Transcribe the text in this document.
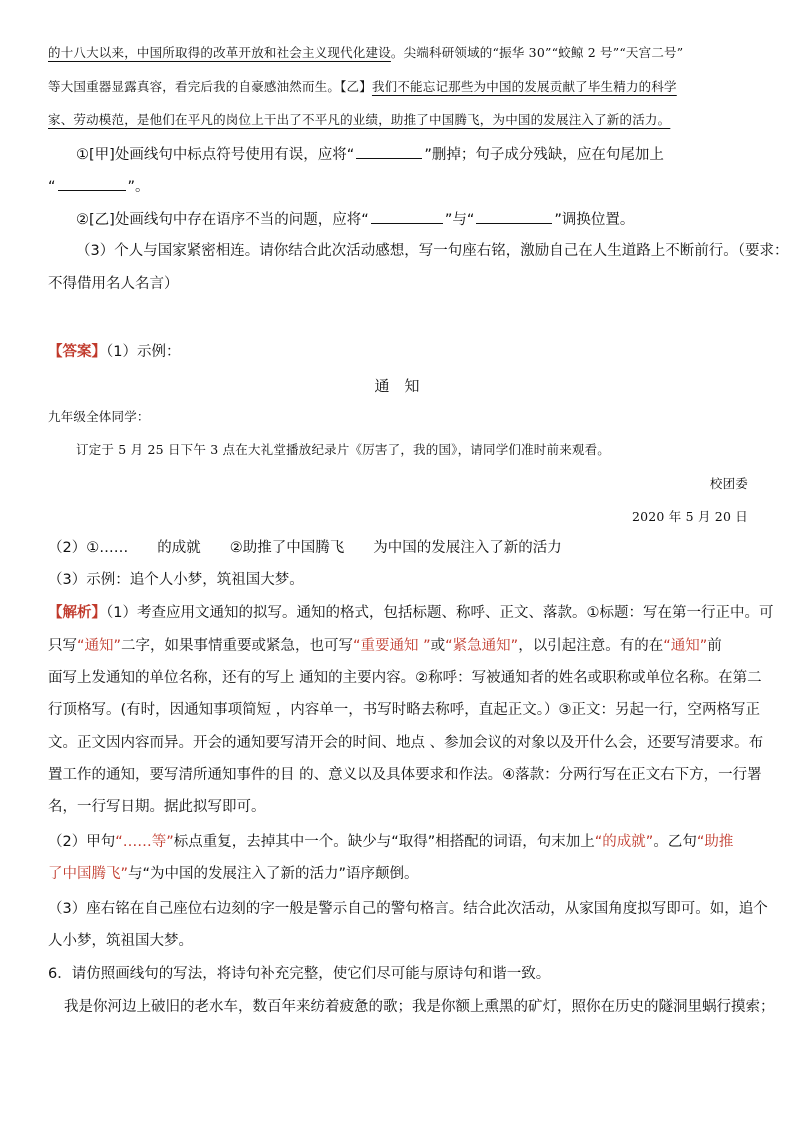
的十八大以来，中国所取得的改革开放和社会主义现代化建设。尖端科研领域的“振华 30”“蛟鲸 2 号”“天宫二号”
等大国重器显露真容，看完后我的自豪感油然而生。【乙】我们不能忘记那些为中国的发展贡献了毕生精力的科学
家、劳动模范，是他们在平凡的岗位上干出了不平凡的业绩，助推了中国腾飞，为中国的发展注入了新的活力。
①[甲]处画线句中标点符号使用有误，应将“	”删掉；句子成分残缺，应在句尾加上
“	”。
②[乙]处画线句中存在语序不当的问题，应将“	”与“	”调换位置。
（3）个人与国家紧密相连。请你结合此次活动感想，写一句座右铭，激励自己在人生道路上不断前行。（要求：
不得借用名人名言）
【答案】（1）示例：
通　知
九年级全体同学：
订定于 5 月 25 日下午 3 点在大礼堂播放纪录片《厉害了，我的国》，请同学们准时前来观看。
校团委
2020 年 5 月 20 日
（2）①……　　的成就　　②助推了中国腾飞　　为中国的发展注入了新的活力
（3）示例：追个人小梦，筑祖国大梦。
【解析】（1）考查应用文通知的拟写。通知的格式，包括标题、称呼、正文、落款。①标题：写在第一行正中。可
只写“通知”二字，如果事情重要或紧急，也可写“重要通知 ”或“紧急通知”，以引起注意。有的在“通知”前
面写上发通知的单位名称，还有的写上 通知的主要内容。②称呼：写被通知者的姓名或职称或单位名称。在第二
行顶格写。(有时，因通知事项简短 ，内容单一，书写时略去称呼，直起正文。）③正文：另起一行，空两格写正
文。正文因内容而异。开会的通知要写清开会的时间、地点 、参加会议的对象以及开什么会，还要写清要求。布
置工作的通知，要写清所通知事件的目 的、意义以及具体要求和作法。④落款：分两行写在正文右下方，一行署
名，一行写日期。据此拟写即可。
（2）甲句“……等”标点重复，去掉其中一个。缺少与“取得”相搭配的词语，句末加上“的成就”。乙句“助推
了中国腾飞”与“为中国的发展注入了新的活力”语序颠倒。
（3）座右铭在自己座位右边刻的字一般是警示自己的警句格言。结合此次活动，从家国角度拟写即可。如，追个
人小梦，筑祖国大梦。
6．请仿照画线句的写法，将诗句补充完整，使它们尽可能与原诗句和谐一致。
我是你河边上破旧的老水车，数百年来纺着疲惫的歌；我是你额上熏黑的矿灯，照你在历史的隧洞里蜗行摸索；
